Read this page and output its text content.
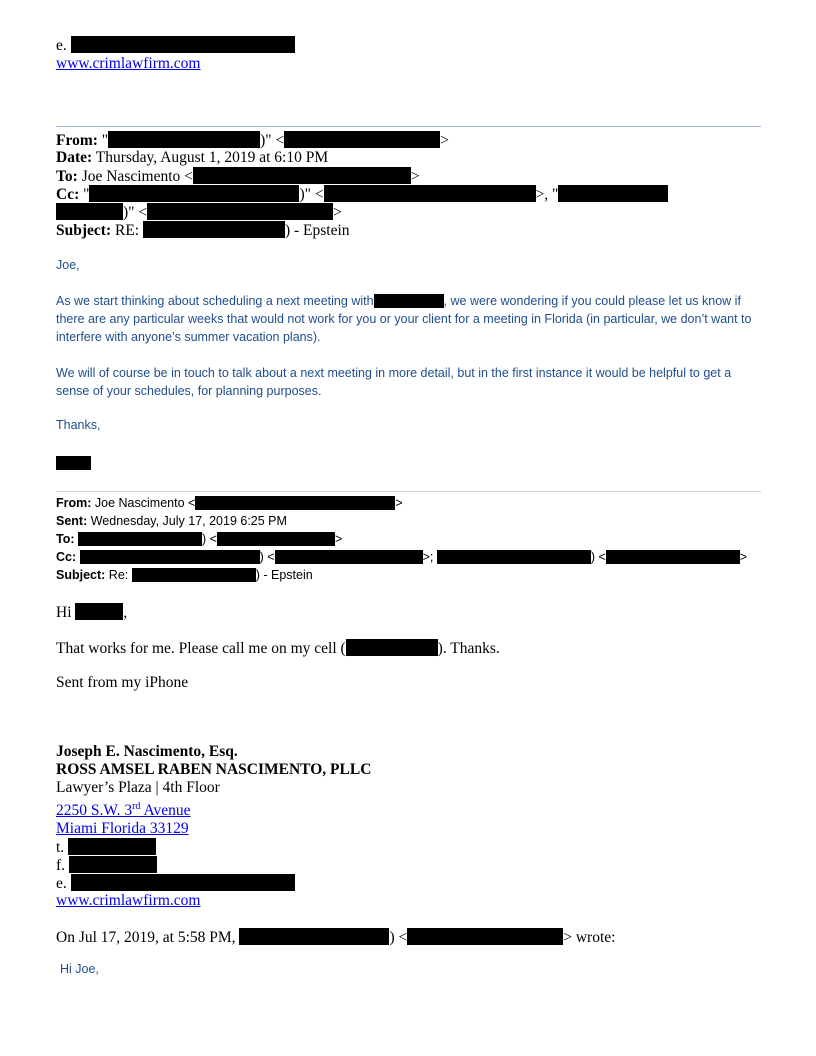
e.
www.crimlawfirm.com
From: "	)" <	>
Date: Thursday, August 1, 2019 at 6:10 PM
To: Joe Nascimento <	>
Cc: "	)" <	>, "
)" <	>
Subject: RE:	) - Epstein
Joe,
As we start thinking about scheduling a next meeting with	, we were wondering if you could please let us know if there are any particular weeks that would not work for you or your client for a meeting in Florida (in particular, we don’t want to interfere with anyone’s summer vacation plans).
We will of course be in touch to talk about a next meeting in more detail, but in the first instance it would be helpful to get a sense of your schedules, for planning purposes.
Thanks,
From: Joe Nascimento <	>
Sent: Wednesday, July 17, 2019 6:25 PM
To:	) <	>
Cc:	) <	>;	) <	>
Subject: Re:	) - Epstein
Hi	,
That works for me. Please call me on my cell (	). Thanks.
Sent from my iPhone
Joseph E. Nascimento, Esq.
ROSS AMSEL RABEN NASCIMENTO, PLLC
Lawyer’s Plaza | 4th Floor
2250 S.W. 3rd Avenue
Miami Florida 33129
t.
f.
e.
www.crimlawfirm.com
On Jul 17, 2019, at 5:58 PM,	) <	> wrote:
Hi Joe,
